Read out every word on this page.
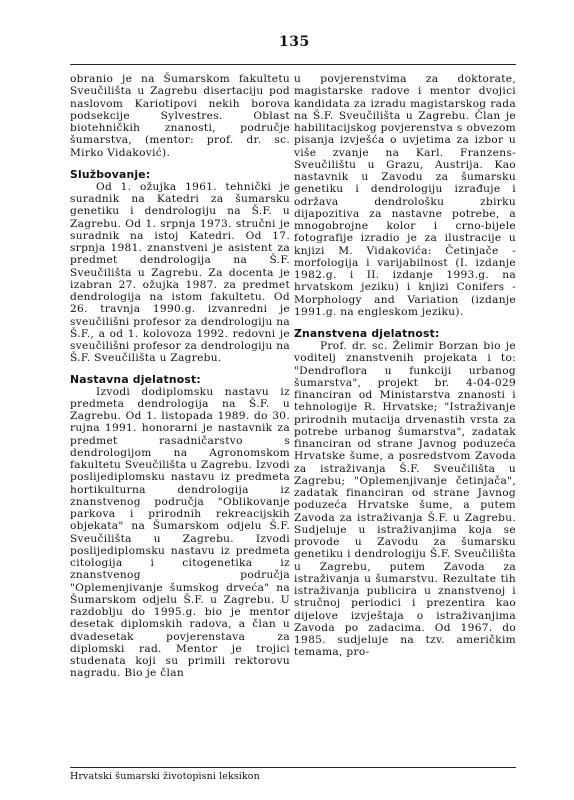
135

obranio je na Šumarskom fakultetu Sveučilišta u Zagrebu disertaciju pod naslovom Kariotipovi nekih borova podsekcije Sylvestres. Oblast biotehničkih znanosti, područje šumarstva, (mentor: prof. dr. sc. Mirko Vidaković).

Službovanje:

Od 1. ožujka 1961. tehnički je suradnik na Katedri za šumarsku genetiku i dendrologiju na Š.F. u Zagrebu. Od 1. srpnja 1973. stručni je suradnik na istoj Katedri. Od 17. srpnja 1981. znanstveni je asistent za predmet dendrologija na Š.F. Sveučilišta u Zagrebu. Za docenta je izabran 27. ožujka 1987. za predmet dendrologija na istom fakultetu. Od 26. travnja 1990.g. izvanredni je sveučilišni profesor za dendrologiju na Š.F., a od 1. kolovoza 1992. redovni je sveučilišni profesor za dendrologiju na Š.F. Sveučilišta u Zagrebu.

Nastavna djelatnost:

Izvodi dodiplomsku nastavu iz predmeta dendrologija na Š.F. u Zagrebu. Od 1. listopada 1989. do 30. rujna 1991. honorarni je nastavnik za predmet rasadničarstvo s dendrologijom na Agronomskom fakultetu Sveučilišta u Zagrebu. Izvodi poslijediplomsku nastavu iz predmeta hortikulturna dendrologija iz znanstvenog područja "Oblikovanje parkova i prirodnih rekreacijskih objekata" na Šumarskom odjelu Š.F. Sveučilišta u Zagrebu. Izvodi poslijediplomsku nastavu iz predmeta citologija i citogenetika iz znanstvenog područja "Oplemenjivanje šumskog drveća" na Šumarskom odjelu Š.F. u Zagrebu. U razdoblju do 1995.g. bio je mentor desetak diplomskih radova, a član u dvadesetak povjerenstava za diplomski rad. Mentor je trojici studenata koji su primili rektorovu nagradu. Bio je član

u povjerenstvima za doktorate, magistarske radove i mentor dvojici kandidata za izradu magistarskog rada na Š.F. Sveučilišta u Zagrebu. Član je habilitacijskog povjerenstva s obvezom pisanja izvješća o uvjetima za izbor u više zvanje na Karl. Franzens-Sveučilištu u Grazu, Austrija. Kao nastavnik u Zavodu za šumarsku genetiku i dendrologiju izrađuje i održava dendrološku zbirku dijapozitiva za nastavne potrebe, a mnogobrojne kolor i crno-bijele fotografije izradio je za ilustracije u knjizi M. Vidakovića: Četinjače - morfologija i varijabilnost (I. izdanje 1982.g. i II. izdanje 1993.g. na hrvatskom jeziku) i knjizi Conifers - Morphology and Variation (izdanje 1991.g. na engleskom jeziku).

Znanstvena djelatnost:

Prof. dr. sc. Želimir Borzan bio je voditelj znanstvenih projekata i to: "Dendroflora u funkciji urbanog šumarstva", projekt br. 4-04-029 financiran od Ministarstva znanosti i tehnologije R. Hrvatske; "Istraživanje prirodnih mutacija drvenastih vrsta za potrebe urbanog šumarstva", zadatak financiran od strane Javnog poduzeća Hrvatske šume, a posredstvom Zavoda za istraživanja Š.F. Sveučilišta u Zagrebu; "Oplemenjivanje četinjača", zadatak financiran od strane Javnog poduzeća Hrvatske šume, a putem Zavoda za istraživanja Š.F. u Zagrebu. Sudjeluje u istraživanjima koja se provode u Zavodu za šumarsku genetiku i dendrologiju Š.F. Sveučilišta u Zagrebu, putem Zavoda za istraživanja u šumarstvu. Rezultate tih istraživanja publicira u znanstvenoj i stručnoj periodici i prezentira kao dijelove izvještaja o istraživanjima Zavoda po zadacima. Od 1967. do 1985. sudjeluje na tzv. američkim temama, pro-

Hrvatski šumarski životopisni leksikon
